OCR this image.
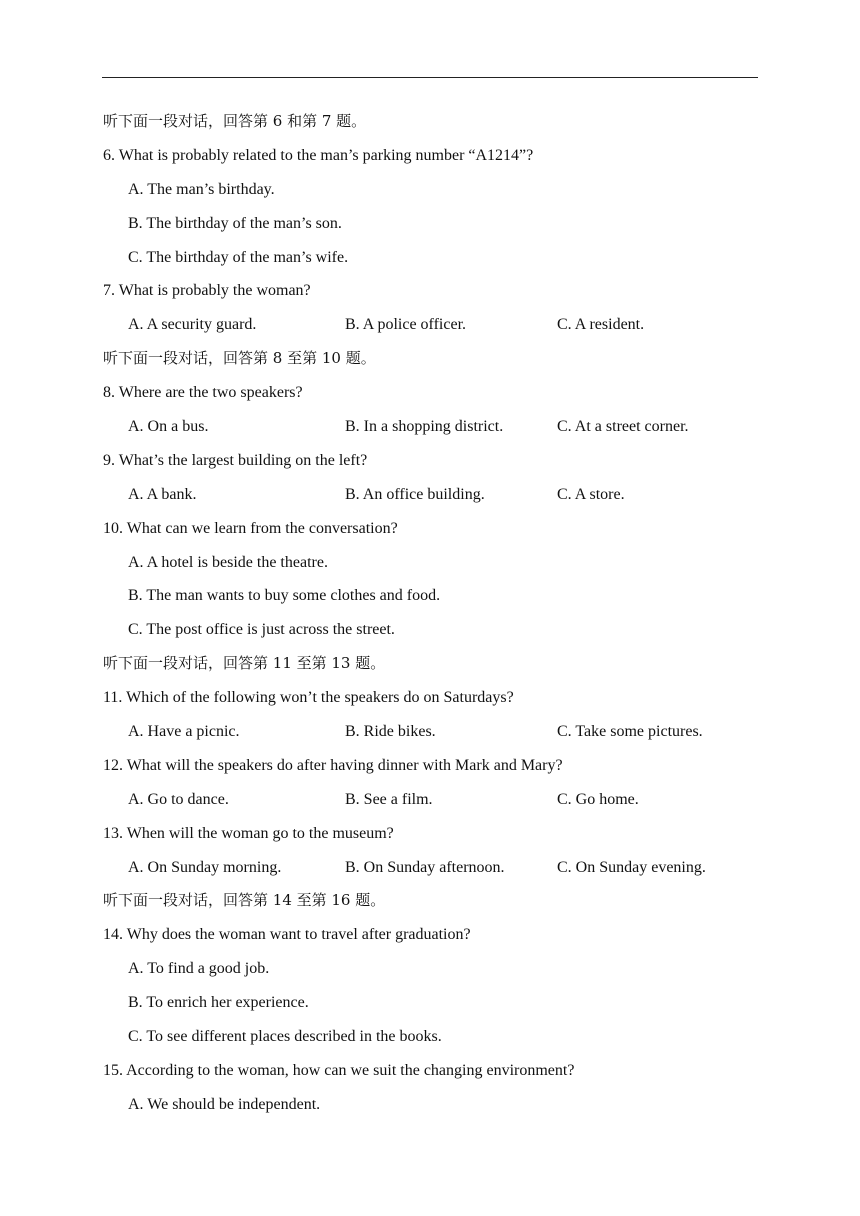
听下面一段对话，回答第 6 和第 7 题。
6. What is probably related to the man’s parking number “A1214”?
A. The man’s birthday.
B. The birthday of the man’s son.
C. The birthday of the man’s wife.
7. What is probably the woman?
A. A security guard.	B. A police officer.	C. A resident.
听下面一段对话，回答第 8 至第 10 题。
8. Where are the two speakers?
A. On a bus.	B. In a shopping district.	C. At a street corner.
9. What’s the largest building on the left?
A. A bank.	B. An office building.	C. A store.
10. What can we learn from the conversation?
A. A hotel is beside the theatre.
B. The man wants to buy some clothes and food.
C. The post office is just across the street.
听下面一段对话，回答第 11 至第 13 题。
11. Which of the following won’t the speakers do on Saturdays?
A. Have a picnic.	B. Ride bikes.	C. Take some pictures.
12. What will the speakers do after having dinner with Mark and Mary?
A. Go to dance.	B. See a film.	C. Go home.
13. When will the woman go to the museum?
A. On Sunday morning.	B. On Sunday afternoon.	C. On Sunday evening.
听下面一段对话，回答第 14 至第 16 题。
14. Why does the woman want to travel after graduation?
A. To find a good job.
B. To enrich her experience.
C. To see different places described in the books.
15. According to the woman, how can we suit the changing environment?
A. We should be independent.
